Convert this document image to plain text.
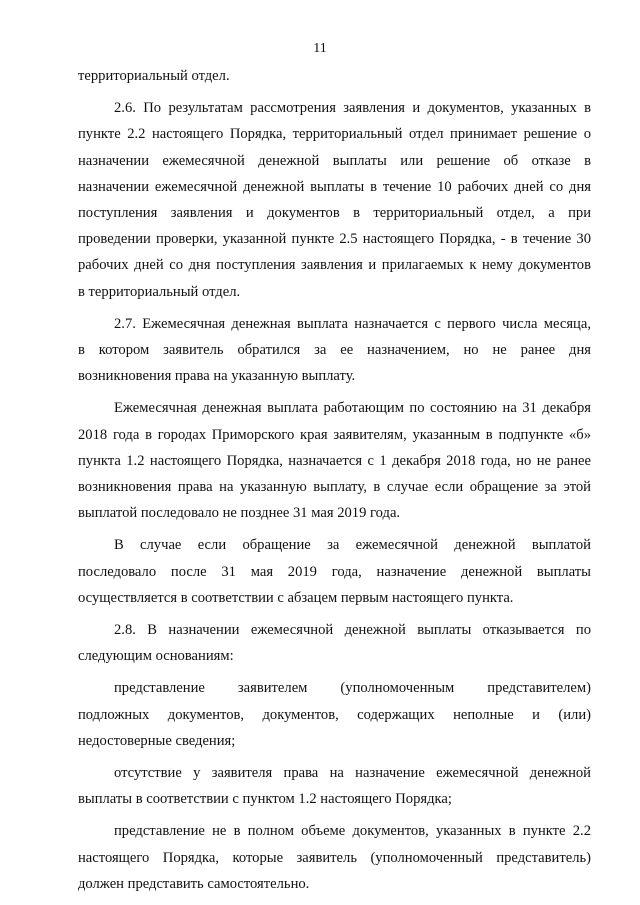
11

территориальный отдел.

2.6. По результатам рассмотрения заявления и документов, указанных в
пункте 2.2 настоящего Порядка, территориальный отдел принимает решение о
назначении ежемесячной денежной выплаты или решение об отказе в
назначении ежемесячной денежной выплаты в течение 10 рабочих дней со дня
поступления заявления и документов в территориальный отдел, а при
проведении проверки, указанной пункте 2.5 настоящего Порядка, - в течение 30
рабочих дней со дня поступления заявления и прилагаемых к нему документов
в территориальный отдел.

2.7. Ежемесячная денежная выплата назначается с первого числа месяца,
в котором заявитель обратился за ее назначением, но не ранее дня
возникновения права на указанную выплату.

Ежемесячная денежная выплата работающим по состоянию на 31 декабря
2018 года в городах Приморского края заявителям, указанным в подпункте «б»
пункта 1.2 настоящего Порядка, назначается с 1 декабря 2018 года, но не ранее
возникновения права на указанную выплату, в случае если обращение за этой
выплатой последовало не позднее 31 мая 2019 года.

В случае если обращение за ежемесячной денежной выплатой
последовало после 31 мая 2019 года, назначение денежной выплаты
осуществляется в соответствии с абзацем первым настоящего пункта.

2.8. В назначении ежемесячной денежной выплаты отказывается по
следующим основаниям:

представление заявителем (уполномоченным представителем)
подложных документов, документов, содержащих неполные и (или)
недостоверные сведения;

отсутствие у заявителя права на назначение ежемесячной денежной
выплаты в соответствии с пунктом 1.2 настоящего Порядка;

представление не в полном объеме документов, указанных в пункте 2.2
настоящего Порядка, которые заявитель (уполномоченный представитель)
должен представить самостоятельно.
